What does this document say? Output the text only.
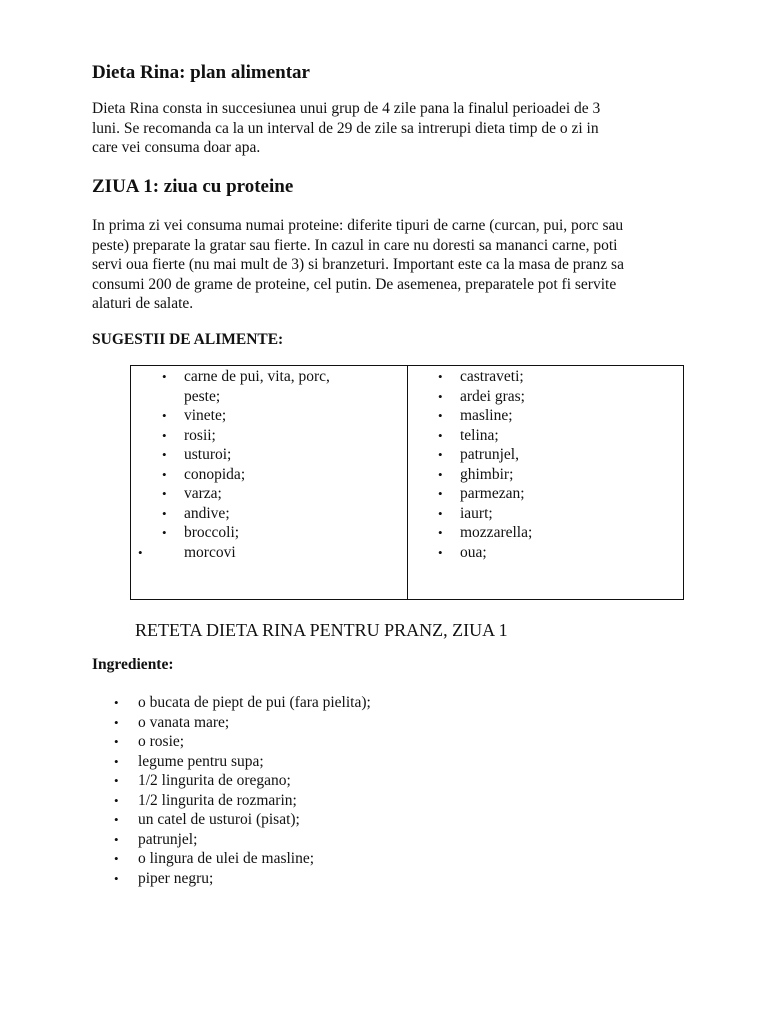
Dieta Rina: plan alimentar
Dieta Rina consta in succesiunea unui grup de 4 zile pana la finalul perioadei de 3
luni. Se recomanda ca la un interval de 29 de zile sa intrerupi dieta timp de o zi in
care vei consuma doar apa.
ZIUA 1: ziua cu proteine
In prima zi vei consuma numai proteine: diferite tipuri de carne (curcan, pui, porc sau
peste) preparate la gratar sau fierte. In cazul in care nu doresti sa mananci carne, poti
servi oua fierte (nu mai mult de 3) si branzeturi. Important este ca la masa de pranz sa
consumi 200 de grame de proteine, cel putin. De asemenea, preparatele pot fi servite
alaturi de salate.
SUGESTII DE ALIMENTE:
• carne de pui, vita, porc,
peste;
• vinete;
• rosii;
• usturoi;
• conopida;
• varza;
• andive;
• broccoli;
•	morcovi
• castraveti;
• ardei gras;
• masline;
• telina;
• patrunjel,
• ghimbir;
• parmezan;
• iaurt;
• mozzarella;
• oua;
RETETA DIETA RINA PENTRU PRANZ, ZIUA 1
Ingrediente:
• o bucata de piept de pui (fara pielita);
• o vanata mare;
• o rosie;
• legume pentru supa;
• 1/2 lingurita de oregano;
• 1/2 lingurita de rozmarin;
• un catel de usturoi (pisat);
• patrunjel;
• o lingura de ulei de masline;
• piper negru;
